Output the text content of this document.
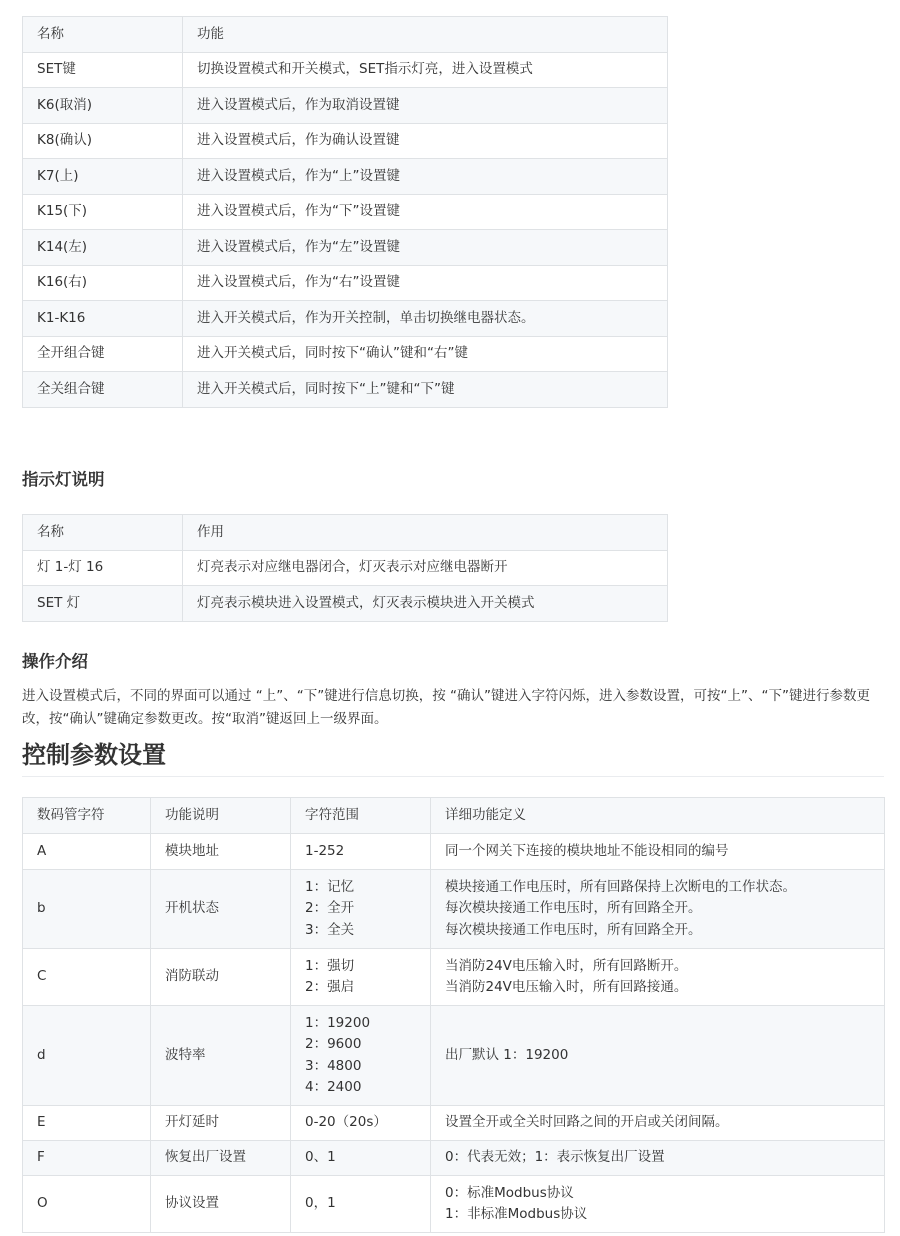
名称	功能
SET键	切换设置模式和开关模式，SET指示灯亮，进入设置模式
K6(取消)	进入设置模式后，作为取消设置键
K8(确认)	进入设置模式后，作为确认设置键
K7(上)	进入设置模式后，作为“上”设置键
K15(下)	进入设置模式后，作为“下”设置键
K14(左)	进入设置模式后，作为“左”设置键
K16(右)	进入设置模式后，作为“右”设置键
K1-K16	进入开关模式后，作为开关控制，单击切换继电器状态。
全开组合键	进入开关模式后，同时按下“确认”键和“右”键
全关组合键	进入开关模式后，同时按下“上”键和“下”键
指示灯说明
名称	作用
灯 1-灯 16	灯亮表示对应继电器闭合，灯灭表示对应继电器断开
SET 灯	灯亮表示模块进入设置模式，灯灭表示模块进入开关模式
操作介绍

进入设置模式后，不同的界面可以通过 “上”、“下”键进行信息切换，按 “确认”键进入字符闪烁，进入参数设置，可按“上”、“下”键进行参数更改，按“确认”键确定参数更改。按“取消”键返回上一级界面。

控制参数设置
数码管字符	功能说明	字符范围	详细功能定义
A	模块地址	1-252	同一个网关下连接的模块地址不能设相同的编号

b	开机状态	1：记忆
2：全开
3：全关	模块接通工作电压时，所有回路保持上次断电的工作状态。
每次模块接通工作电压时，所有回路全开。
每次模块接通工作电压时，所有回路全开。

C	消防联动	1：强切
2：强启	当消防24V电压输入时，所有回路断开。
当消防24V电压输入时，所有回路接通。

d	波特率	1：19200
2：9600
3：4800
4：2400	出厂默认 1：19200

E	开灯延时	0-20（20s）	设置全开或全关时回路之间的开启或关闭间隔。

F	恢复出厂设置	0、1	0：代表无效；1：表示恢复出厂设置

O	协议设置	0，1	0：标准Modbus协议
1：非标准Modbus协议
